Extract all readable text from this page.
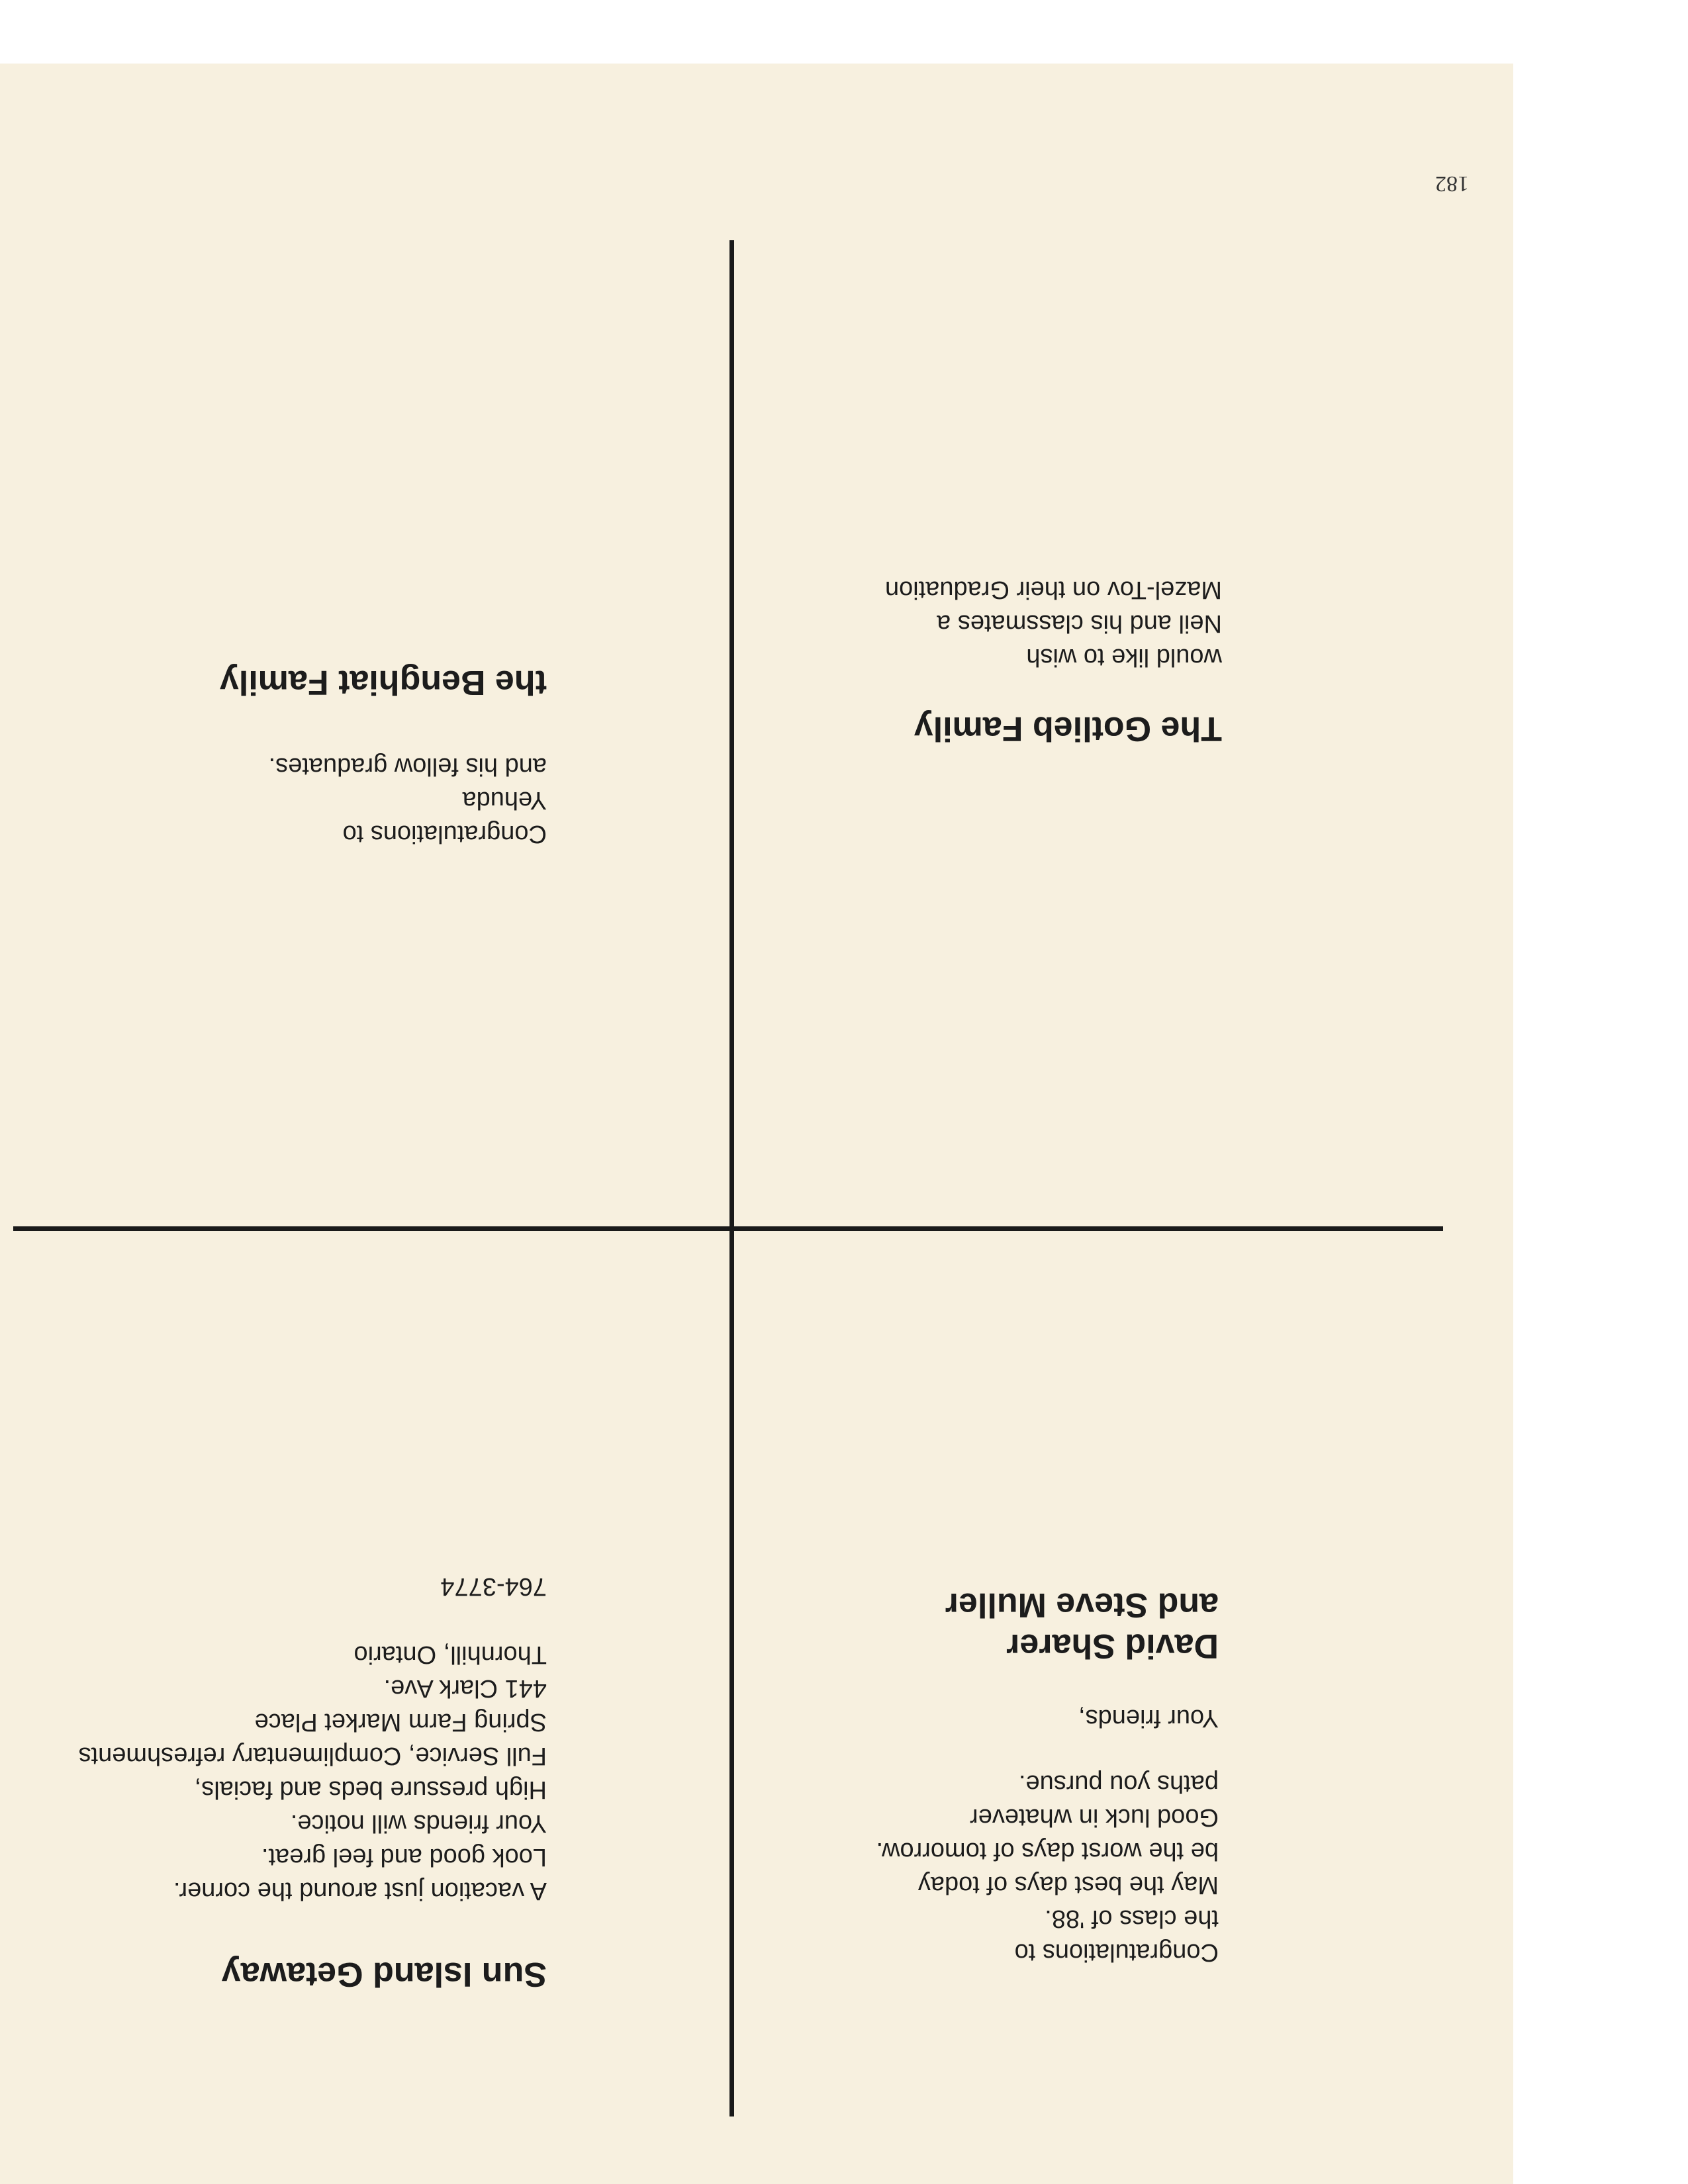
182
Congratulations to
the class of '88.
May the best days of today
be the worst days of tomorrow.
Good luck in whatever
paths you pursue.
Your friends,
David Sharer
and Steve Muller
Sun Island Getaway
A vacation just around the corner.
Look good and feel great.
Your friends will notice.
High pressure beds and facials,
Full Service, Complimentary refreshments
Spring Farm Market Place
441 Clark Ave.
Thornhill, Ontario
764-3774
The Gotlieb Family
would like to wish
Neil and his classmates a
Mazel-Tov on their Graduation
Congratulations to
Yehuda
and his fellow graduates.
the Benghiat Family
